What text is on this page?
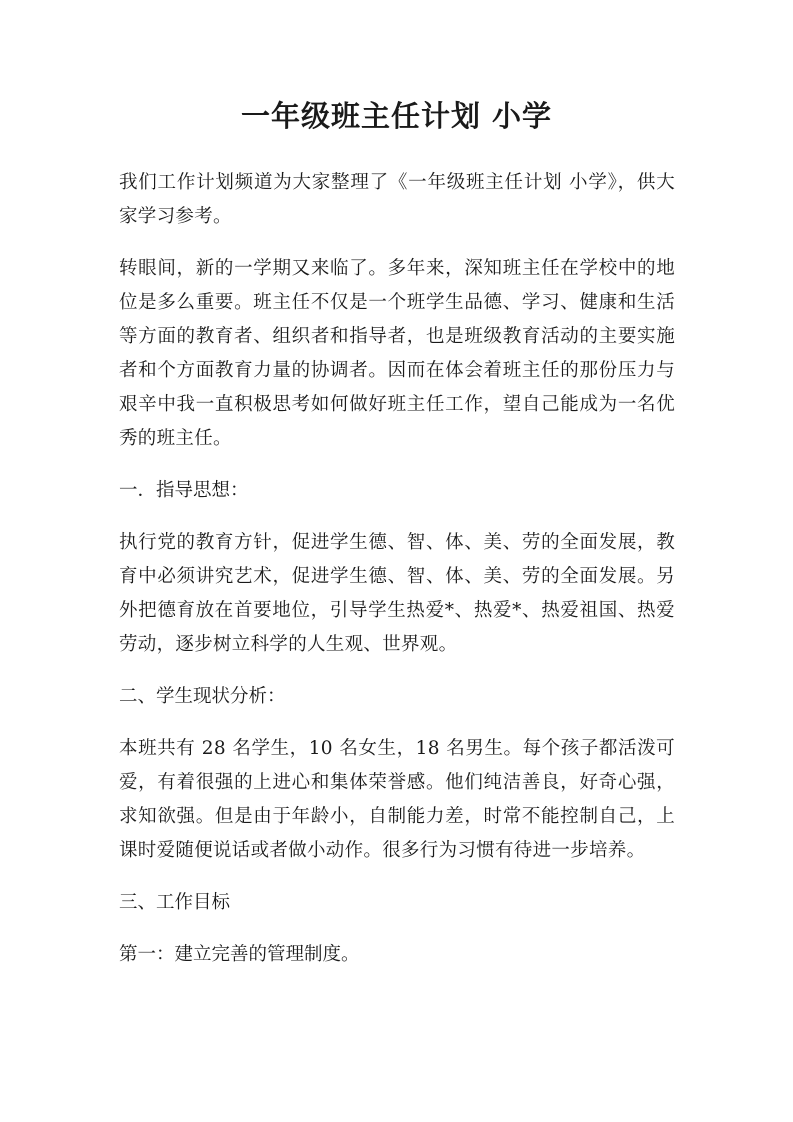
一年级班主任计划 小学

我们工作计划频道为大家整理了《一年级班主任计划 小学》，供大家学习参考。

转眼间，新的一学期又来临了。多年来，深知班主任在学校中的地位是多么重要。班主任不仅是一个班学生品德、学习、健康和生活等方面的教育者、组织者和指导者，也是班级教育活动的主要实施者和个方面教育力量的协调者。因而在体会着班主任的那份压力与艰辛中我一直积极思考如何做好班主任工作，望自己能成为一名优秀的班主任。

一．指导思想：

执行党的教育方针，促进学生德、智、体、美、劳的全面发展，教育中必须讲究艺术，促进学生德、智、体、美、劳的全面发展。另外把德育放在首要地位，引导学生热爱*、热爱*、热爱祖国、热爱劳动，逐步树立科学的人生观、世界观。

二、学生现状分析：

本班共有 28 名学生，10 名女生，18 名男生。每个孩子都活泼可爱，有着很强的上进心和集体荣誉感。他们纯洁善良，好奇心强，求知欲强。但是由于年龄小，自制能力差，时常不能控制自己，上课时爱随便说话或者做小动作。很多行为习惯有待进一步培养。

三、工作目标

第一：建立完善的管理制度。
